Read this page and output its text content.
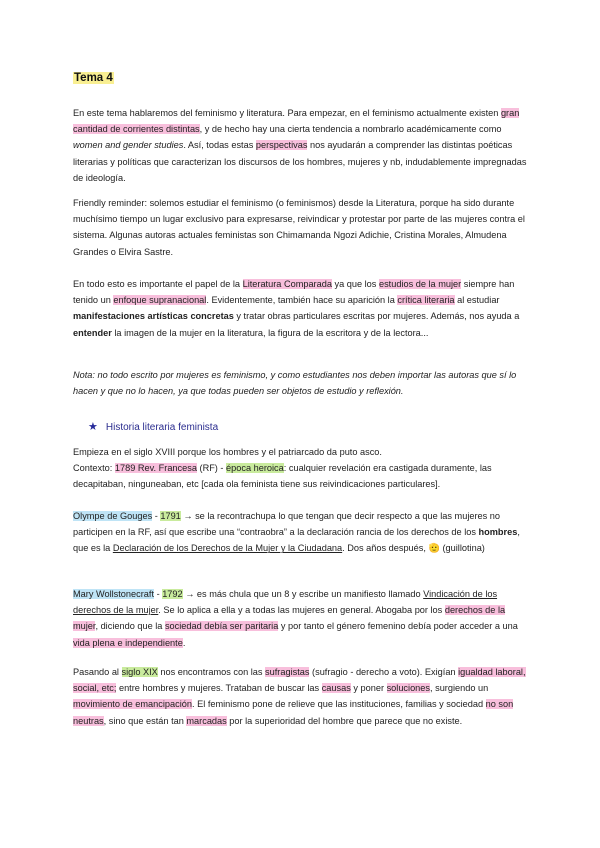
Tema 4

En este tema hablaremos del feminismo y literatura. Para empezar, en el feminismo actualmente existen gran cantidad de corrientes distintas, y de hecho hay una cierta tendencia a nombrarlo académicamente como women and gender studies. Así, todas estas perspectivas nos ayudarán a comprender las distintas poéticas literarias y políticas que caracterizan los discursos de los hombres, mujeres y nb, indudablemente impregnadas de ideología.

Friendly reminder: solemos estudiar el feminismo (o feminismos) desde la Literatura, porque ha sido durante muchísimo tiempo un lugar exclusivo para expresarse, reivindicar y protestar por parte de las mujeres contra el sistema. Algunas autoras actuales feministas son Chimamanda Ngozi Adichie, Cristina Morales, Almudena Grandes o Elvira Sastre.

En todo esto es importante el papel de la Literatura Comparada ya que los estudios de la mujer siempre han tenido un enfoque supranacional. Evidentemente, también hace su aparición la crítica literaria al estudiar manifestaciones artísticas concretas y tratar obras particulares escritas por mujeres. Además, nos ayuda a entender la imagen de la mujer en la literatura, la figura de la escritora y de la lectora...

Nota: no todo escrito por mujeres es feminismo, y como estudiantes nos deben importar las autoras que sí lo hacen y que no lo hacen, ya que todas pueden ser objetos de estudio y reflexión.

★ Historia literaria feminista

Empieza en el siglo XVIII porque los hombres y el patriarcado da puto asco.
Contexto: 1789 Rev. Francesa (RF) - época heroica: cualquier revelación era castigada duramente, las decapitaban, ninguneaban, etc [cada ola feminista tiene sus reivindicaciones particulares].

Olympe de Gouges - 1791 → se la recontrachupa lo que tengan que decir respecto a que las mujeres no participen en la RF, así que escribe una “contraobra” a la declaración rancia de los derechos de los hombres, que es la Declaración de los Derechos de la Mujer y la Ciudadana. Dos años después, 🫡 (guillotina)

Mary Wollstonecraft - 1792 → es más chula que un 8 y escribe un manifiesto llamado Vindicación de los derechos de la mujer. Se lo aplica a ella y a todas las mujeres en general. Abogaba por los derechos de la mujer, diciendo que la sociedad debía ser paritaria y por tanto el género femenino debía poder acceder a una vida plena e independiente.

Pasando al siglo XIX nos encontramos con las sufragistas (sufragio - derecho a voto). Exigían igualdad laboral, social, etc; entre hombres y mujeres. Trataban de buscar las causas y poner soluciones, surgiendo un movimiento de emancipación. El feminismo pone de relieve que las instituciones, familias y sociedad no son neutras, sino que están tan marcadas por la superioridad del hombre que parece que no existe.
